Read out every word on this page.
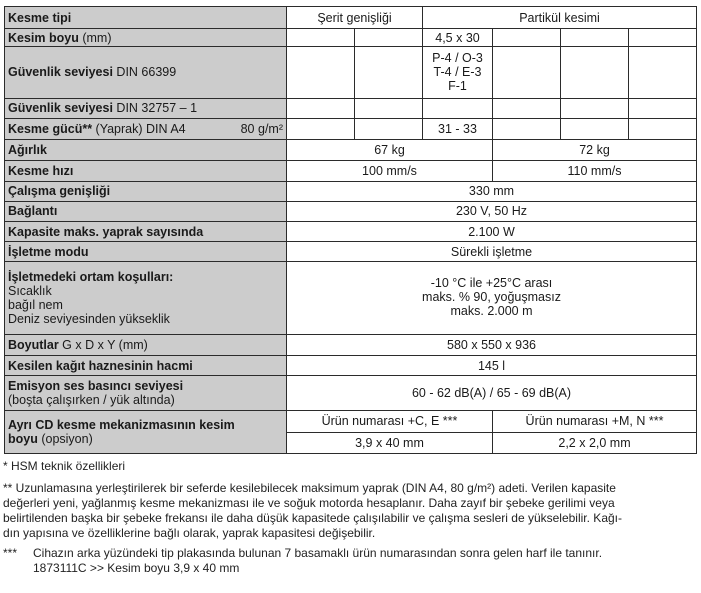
Kesme tipi	Şerit genişliği		Partikül kesimi			
Kesim boyu (mm)			4,5 x 30			
Güvenlik seviyesi DIN 66399			P-4 / O-3
T-4 / E-3
F-1			

Güvenlik seviyesi DIN 32757 – 1						
Kesme gücü** (Yaprak) DIN A4 80 g/m²			31 - 33			
Ağırlık	67 kg			72 kg		
Kesme hızı	100 mm/s			110 mm/s		
Çalışma genişliği	330 mm					
Bağlantı	230 V, 50 Hz					
Kapasite maks. yaprak sayısında	2.100 W					
İşletme modu	Sürekli işletme					

İşletmedeki ortam koşulları:
Sıcaklık
bağıl nem
Deniz seviyesinden yükseklik	-10 °C ile +25°C arası
maks. % 90, yoğuşmasız
maks. 2.000 m					

Boyutlar G x D x Y (mm)	580 x 550 x 936					
Kesilen kağıt haznesinin hacmi	145 l					

Emisyon ses basıncı seviyesi
(boşta çalışırken / yük altında)	60 - 62 dB(A) / 65 - 69 dB(A)					

Ayrı CD kesme mekanizmasının kesim
boyu (opsiyon)	Ürün numarası +C, E ***			Ürün numarası +M, N ***		
	3,9 x 40 mm			2,2 x 2,0 mm		

* HSM teknik özellikleri

** Uzunlamasına yerleştirilerek bir seferde kesilebilecek maksimum yaprak (DIN A4, 80 g/m²) adeti. Verilen kapasite

değerleri yeni, yağlanmış kesme mekanizması ile ve soğuk motorda hesaplanır. Daha zayıf bir şebeke gerilimi veya

belirtilenden başka bir şebeke frekansı ile daha düşük kapasitede çalışılabilir ve çalışma sesleri de yükselebilir. Kağı-

dın yapısına ve özelliklerine bağlı olarak, yaprak kapasitesi değişebilir.

*** Cihazın arka yüzündeki tip plakasında bulunan 7 basamaklı ürün numarasından sonra gelen harf ile tanınır.

1873111C >> Kesim boyu 3,9 x 40 mm
